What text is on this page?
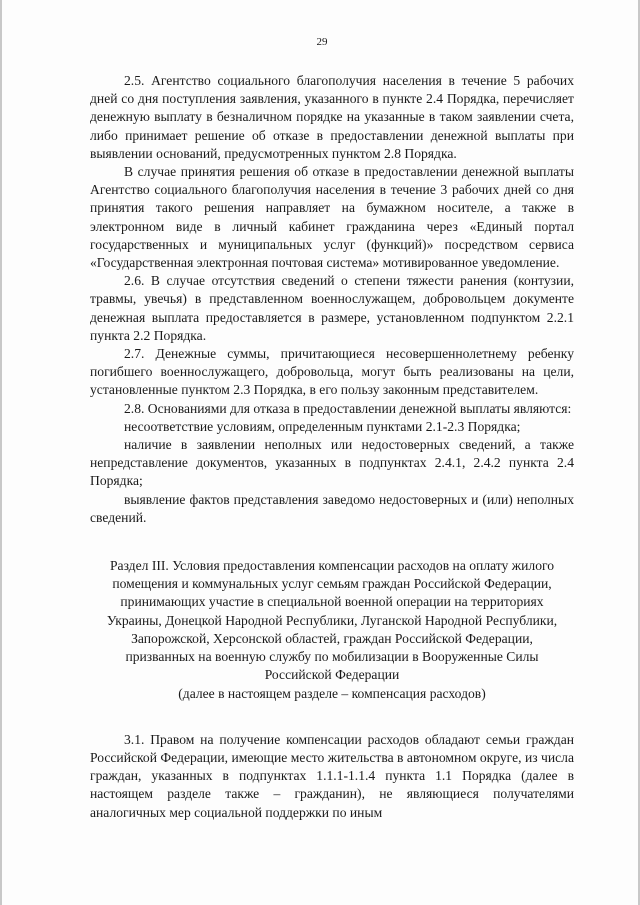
29

2.5. Агентство социального благополучия населения в течение 5 рабочих дней со дня поступления заявления, указанного в пункте 2.4 Порядка, перечисляет денежную выплату в безналичном порядке на указанные в таком заявлении счета, либо принимает решение об отказе в предоставлении денежной выплаты при выявлении оснований, предусмотренных пунктом 2.8 Порядка.

В случае принятия решения об отказе в предоставлении денежной выплаты Агентство социального благополучия населения в течение 3 рабочих дней со дня принятия такого решения направляет на бумажном носителе, а также в электронном виде в личный кабинет гражданина через «Единый портал государственных и муниципальных услуг (функций)» посредством сервиса «Государственная электронная почтовая система» мотивированное уведомление.

2.6. В случае отсутствия сведений о степени тяжести ранения (контузии, травмы, увечья) в представленном военнослужащем, добровольцем документе денежная выплата предоставляется в размере, установленном подпунктом 2.2.1 пункта 2.2 Порядка.

2.7. Денежные суммы, причитающиеся несовершеннолетнему ребенку погибшего военнослужащего, добровольца, могут быть реализованы на цели, установленные пунктом 2.3 Порядка, в его пользу законным представителем.

2.8. Основаниями для отказа в предоставлении денежной выплаты являются:

несоответствие условиям, определенным пунктами 2.1-2.3 Порядка;

наличие в заявлении неполных или недостоверных сведений, а также непредставление документов, указанных в подпунктах 2.4.1, 2.4.2 пункта 2.4 Порядка;

выявление фактов представления заведомо недостоверных и (или) неполных сведений.

Раздел III. Условия предоставления компенсации расходов на оплату жилого помещения и коммунальных услуг семьям граждан Российской Федерации, принимающих участие в специальной военной операции на территориях Украины, Донецкой Народной Республики, Луганской Народной Республики, Запорожской, Херсонской областей, граждан Российской Федерации, призванных на военную службу по мобилизации в Вооруженные Силы Российской Федерации
(далее в настоящем разделе – компенсация расходов)

3.1. Правом на получение компенсации расходов обладают семьи граждан Российской Федерации, имеющие место жительства в автономном округе, из числа граждан, указанных в подпунктах 1.1.1-1.1.4 пункта 1.1 Порядка (далее в настоящем разделе также – гражданин), не являющиеся получателями аналогичных мер социальной поддержки по иным
